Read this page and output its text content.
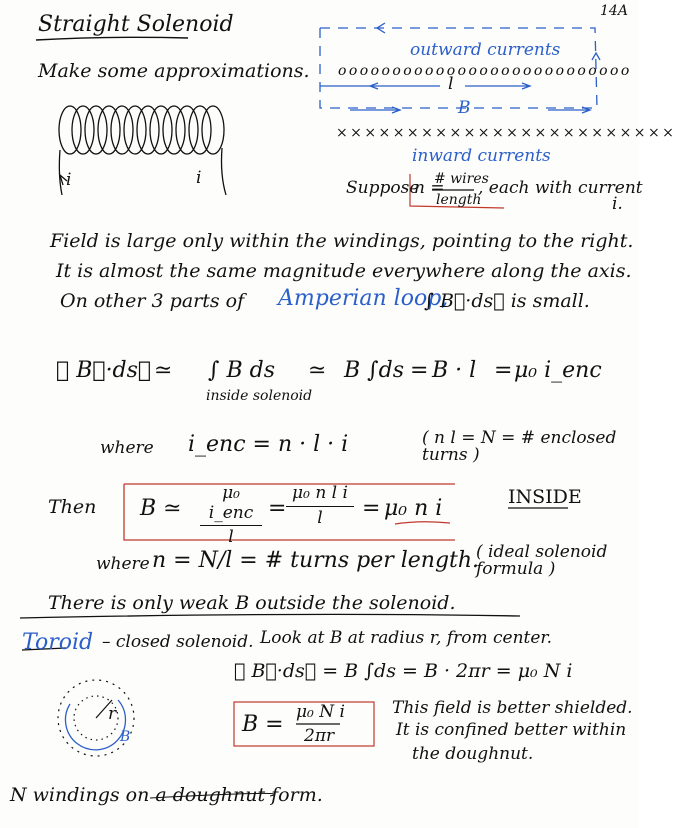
14A
Straight Solenoid
Make some approximations.
i	i
outward currents
o o o o o o o o o o o o o o o o o o o o o o o o o o o
l
B
× × × × × × × × × × × × × × × × × × × × × × × ×
inward currents
Suppose
n =
# wires
length
, each with current
i.
Field is large only within the windings, pointing to the right.
It is almost the same magnitude everywhere along the axis.
On other 3 parts of Amperian loop,
∫ B⃗·ds⃗ is small.
∮ B⃗·ds⃗ ≃ ∫ B ds
inside solenoid
≃ B ∫ds = B · l = μ₀ i_enc
where i_enc = n · l · i	( n l = N = # enclosed turns )
Then B ≃
μ₀ i_enc
l
=
μ₀ n l i
l	= μ₀ n i	INSIDE
where n = N/l = # turns per length.
( ideal solenoid formula )
There is only weak B outside the solenoid.
Toroid – closed solenoid. Look at B at radius r, from center.
∮ B⃗·ds⃗ = B ∫ds = B · 2πr = μ₀ N i
r
B	B = μ₀ N i
2πr
This field is better shielded.
It is confined better within
the doughnut.
N windings on a doughnut form.
